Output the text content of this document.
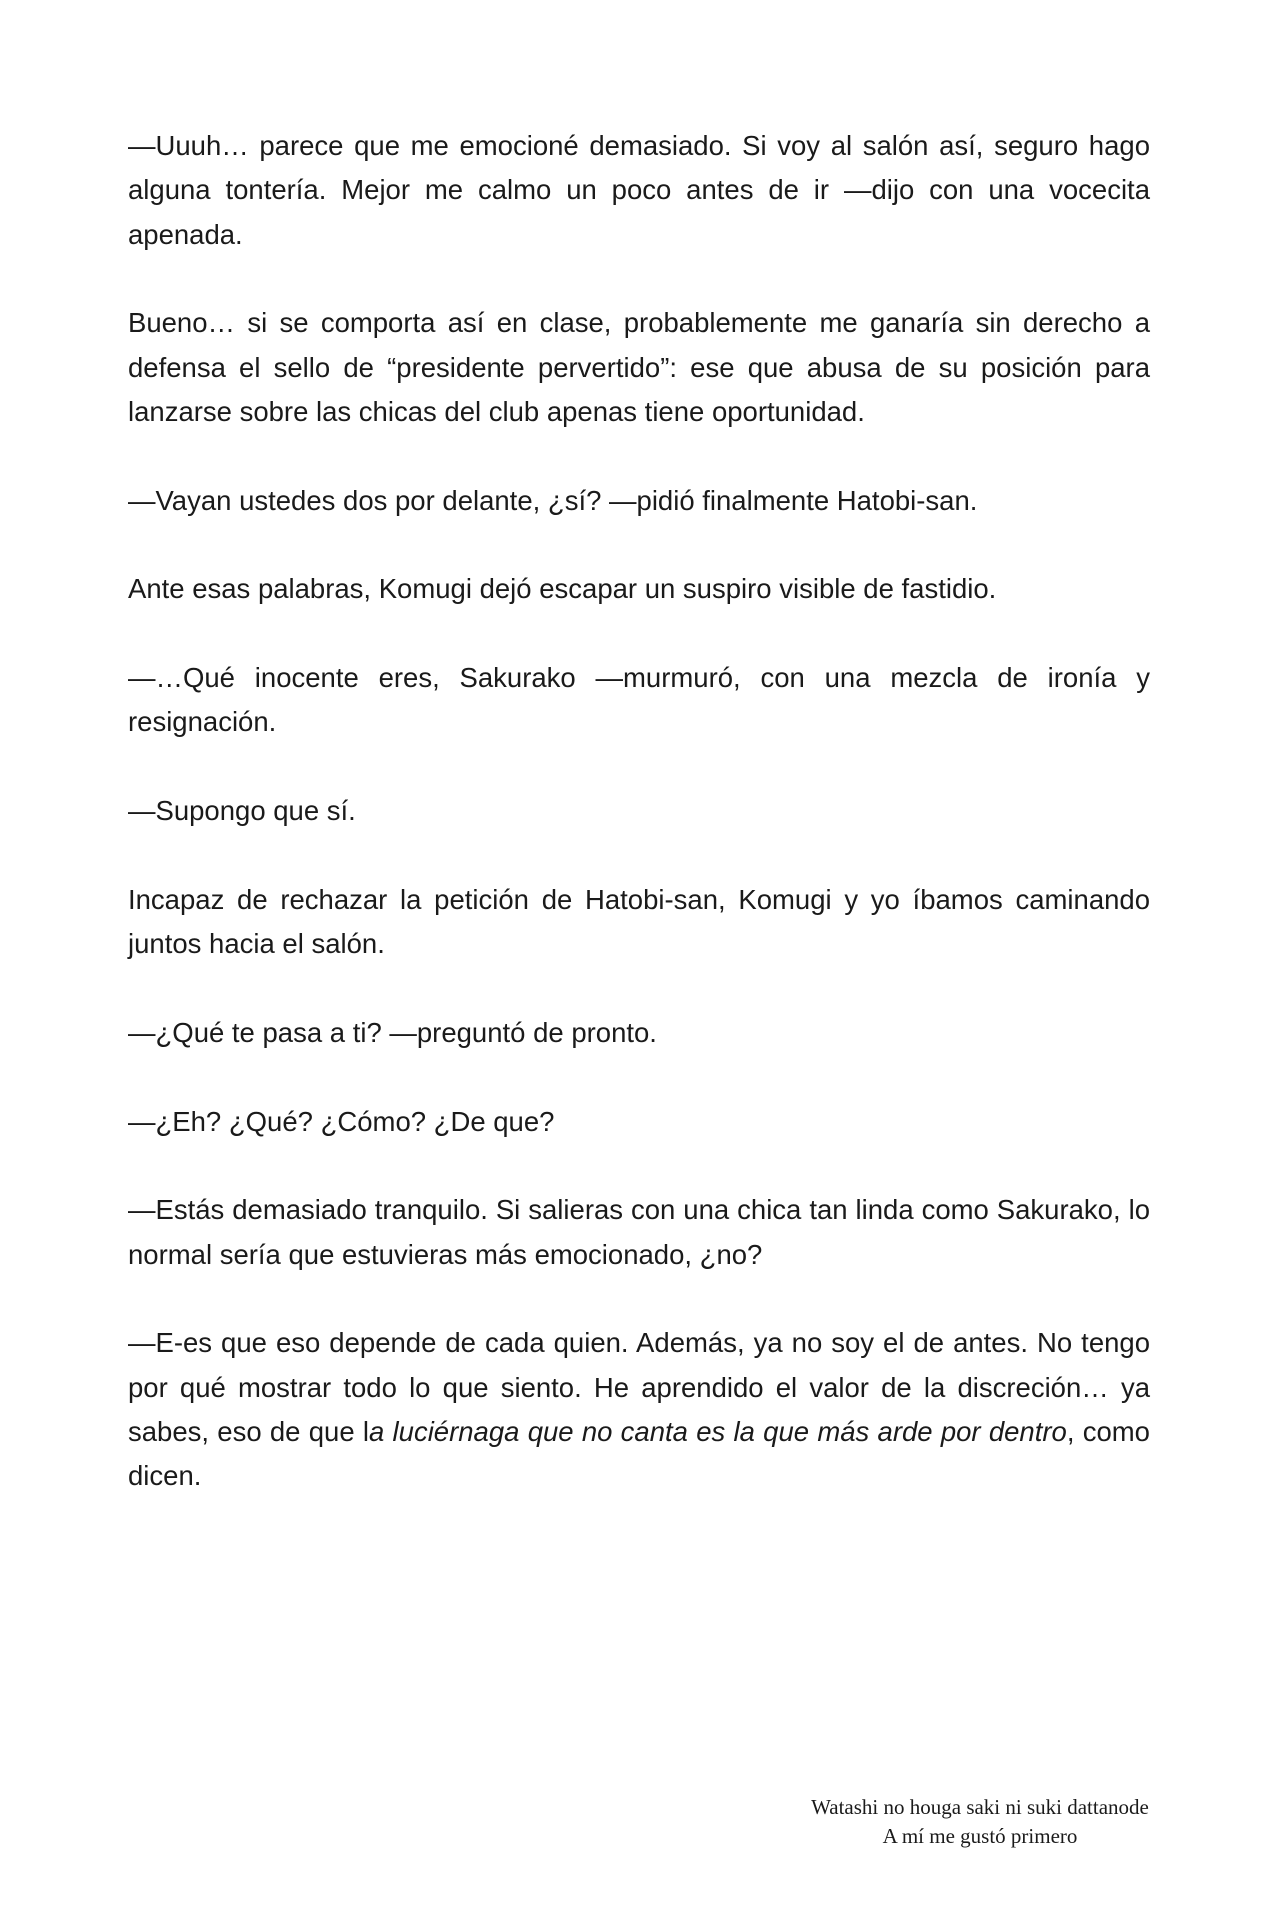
—Uuuh… parece que me emocioné demasiado. Si voy al salón así, seguro hago alguna tontería. Mejor me calmo un poco antes de ir —dijo con una vocecita apenada.

Bueno… si se comporta así en clase, probablemente me ganaría sin derecho a defensa el sello de “presidente pervertido”: ese que abusa de su posición para lanzarse sobre las chicas del club apenas tiene oportunidad.

—Vayan ustedes dos por delante, ¿sí? —pidió finalmente Hatobi-san.

Ante esas palabras, Komugi dejó escapar un suspiro visible de fastidio.

—…Qué inocente eres, Sakurako —murmuró, con una mezcla de ironía y resignación.

—Supongo que sí.

Incapaz de rechazar la petición de Hatobi-san, Komugi y yo íbamos caminando juntos hacia el salón.

—¿Qué te pasa a ti? —preguntó de pronto.

—¿Eh? ¿Qué? ¿Cómo? ¿De que?

—Estás demasiado tranquilo. Si salieras con una chica tan linda como Sakurako, lo normal sería que estuvieras más emocionado, ¿no?

—E-es que eso depende de cada quien. Además, ya no soy el de antes. No tengo por qué mostrar todo lo que siento. He aprendido el valor de la discreción… ya sabes, eso de que la luciérnaga que no canta es la que más arde por dentro, como dicen.

Watashi no houga saki ni suki dattanode
A mí me gustó primero
